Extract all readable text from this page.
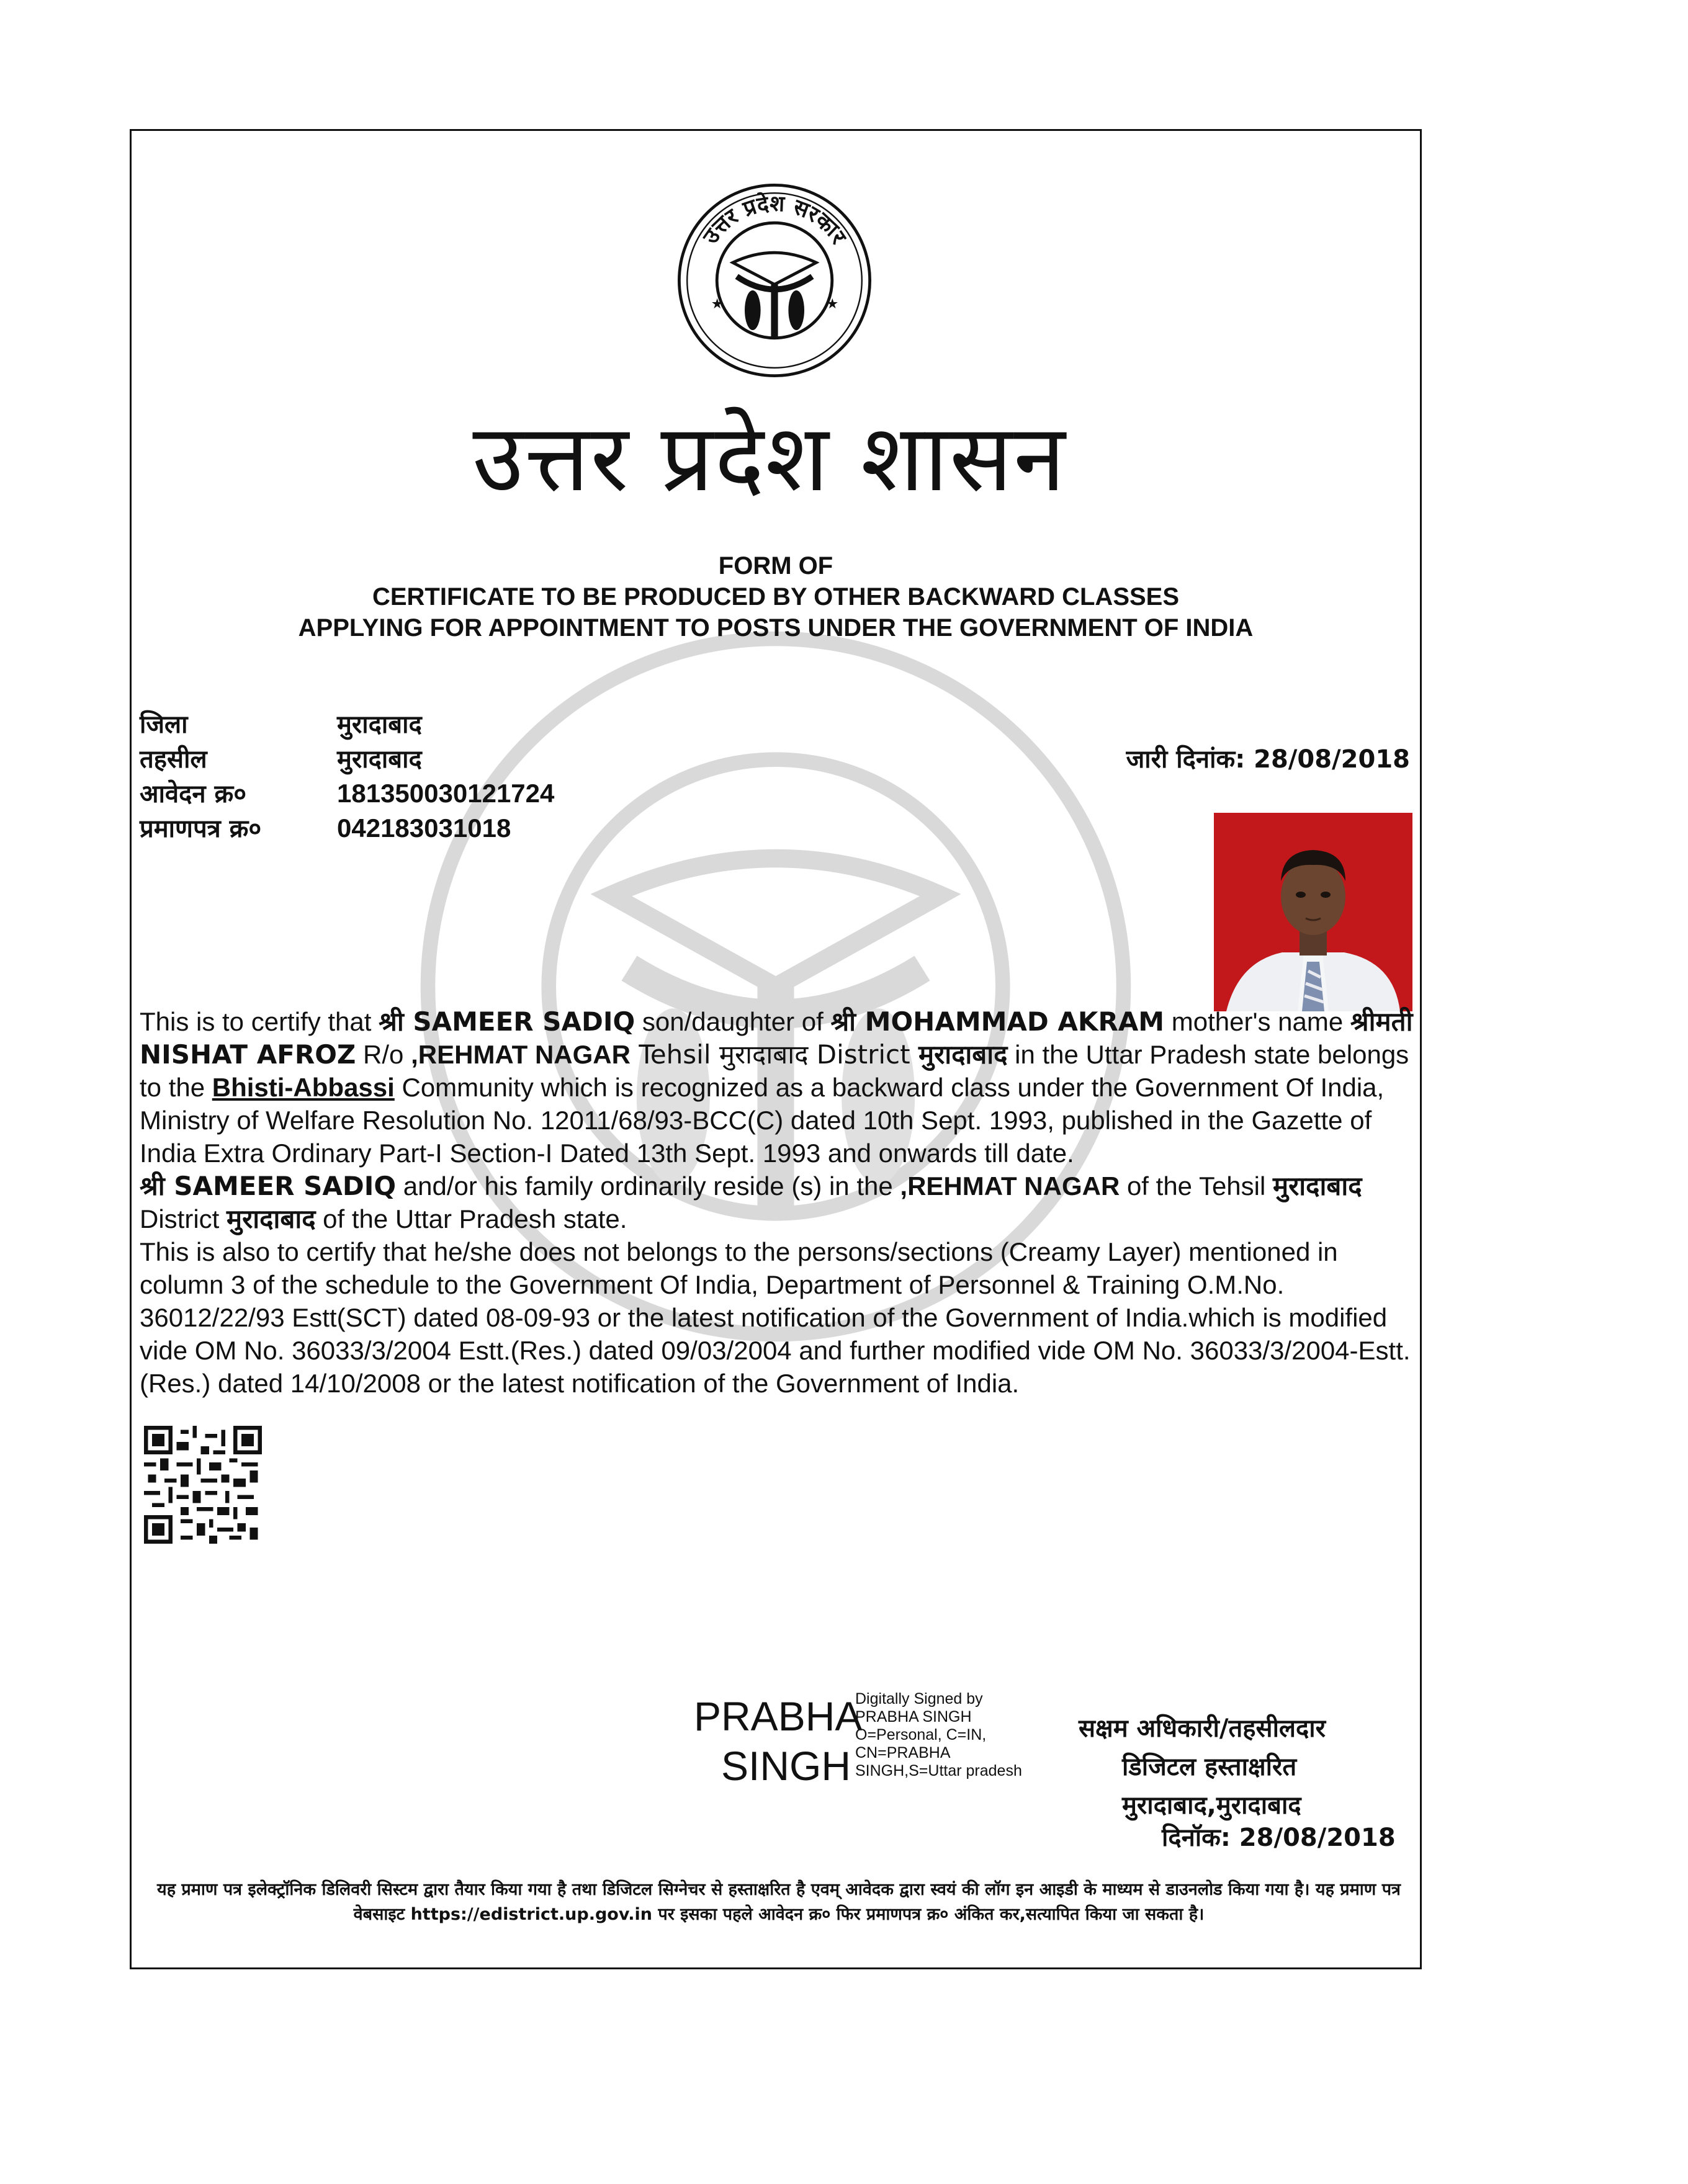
उत्तर प्रदेश सरकार
★	★
उत्तर प्रदेश शासन
FORM OF
CERTIFICATE TO BE PRODUCED BY OTHER BACKWARD CLASSES
APPLYING FOR APPOINTMENT TO POSTS UNDER THE GOVERNMENT OF INDIA
जिला	मुरादाबाद
तहसील	मुरादाबाद
आवेदन क्र०	181350030121724
प्रमाणपत्र क्र०	042183031018
जारी दिनांक: 28/08/2018

This is to certify that श्री SAMEER SADIQ son/daughter of श्री MOHAMMAD AKRAM mother's name श्रीमती NISHAT AFROZ R/o ,REHMAT NAGAR Tehsil मुरादाबाद District मुरादाबाद in the Uttar Pradesh state belongs to the Bhisti-Abbassi Community which is recognized as a backward class under the Government Of India, Ministry of Welfare Resolution No. 12011/68/93-BCC(C) dated 10th Sept. 1993, published in the Gazette of India Extra Ordinary Part-I Section-I Dated 13th Sept. 1993 and onwards till date.

श्री SAMEER SADIQ and/or his family ordinarily reside (s) in the ,REHMAT NAGAR of the Tehsil मुरादाबाद District मुरादाबाद of the Uttar Pradesh state.

This is also to certify that he/she does not belongs to the persons/sections (Creamy Layer) mentioned in column 3 of the schedule to the Government Of India, Department of Personnel & Training O.M.No. 36012/22/93 Estt(SCT) dated 08-09-93 or the latest notification of the Government of India.which is modified vide OM No. 36033/3/2004 Estt.(Res.) dated 09/03/2004 and further modified vide OM No. 36033/3/2004-Estt. (Res.) dated 14/10/2008 or the latest notification of the Government of India.

PRABHA
SINGH
Digitally Signed by
PRABHA SINGH
O=Personal, C=IN,
CN=PRABHA
SINGH,S=Uttar pradesh
सक्षम अधिकारी/तहसीलदार
डिजिटल हस्ताक्षरित
मुरादाबाद,मुरादाबाद
दिनॉक: 28/08/2018
यह प्रमाण पत्र इलेक्ट्रॉनिक डिलिवरी सिस्टम द्वारा तैयार किया गया है तथा डिजिटल सिग्नेचर से हस्ताक्षरित है एवम् आवेदक द्वारा स्वयं की लॉग इन आइडी के माध्यम से डाउनलोड किया गया है। यह प्रमाण पत्र वेबसाइट https://edistrict.up.gov.in पर इसका पहले आवेदन क्र० फिर प्रमाणपत्र क्र० अंकित कर,सत्यापित किया जा सकता है।
